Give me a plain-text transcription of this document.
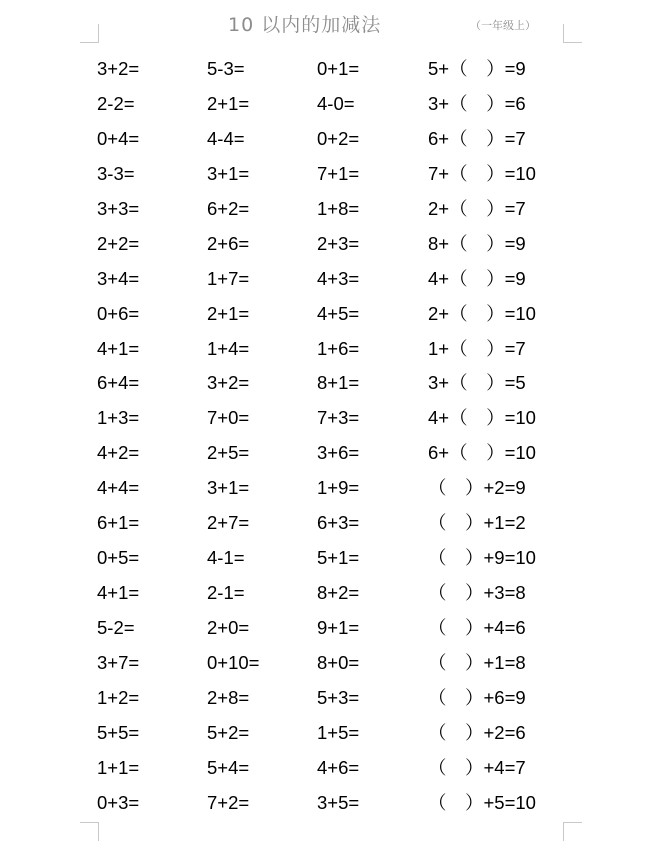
10 以内的加减法	（一年级上）
3+2=	5-3=	0+1=	5+（　）=9
2-2=	2+1=	4-0=	3+（　）=6
0+4=	4-4=	0+2=	6+（　）=7
3-3=	3+1=	7+1=	7+（　）=10
3+3=	6+2=	1+8=	2+（　）=7
2+2=	2+6=	2+3=	8+（　）=9
3+4=	1+7=	4+3=	4+（　）=9
0+6=	2+1=	4+5=	2+（　）=10
4+1=	1+4=	1+6=	1+（　）=7
6+4=	3+2=	8+1=	3+（　）=5
1+3=	7+0=	7+3=	4+（　）=10
4+2=	2+5=	3+6=	6+（　）=10
4+4=	3+1=	1+9=	（　）+2=9
6+1=	2+7=	6+3=	（　）+1=2
0+5=	4-1=	5+1=	（　）+9=10
4+1=	2-1=	8+2=	（　）+3=8
5-2=	2+0=	9+1=	（　）+4=6
3+7=	0+10=	8+0=	（　）+1=8
1+2=	2+8=	5+3=	（　）+6=9
5+5=	5+2=	1+5=	（　）+2=6
1+1=	5+4=	4+6=	（　）+4=7
0+3=	7+2=	3+5=	（　）+5=10
